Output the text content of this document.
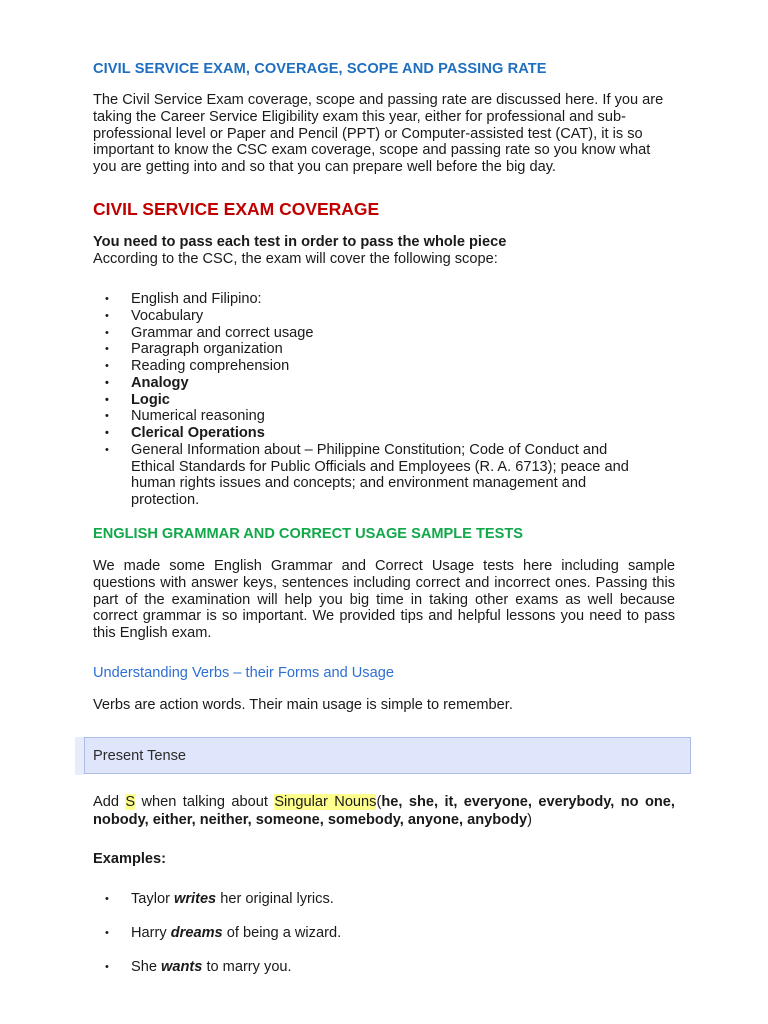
CIVIL SERVICE EXAM, COVERAGE, SCOPE AND PASSING RATE

The Civil Service Exam coverage, scope and passing rate are discussed here. If you are taking the Career Service Eligibility exam this year, either for professional and sub-professional level or Paper and Pencil (PPT) or Computer-assisted test (CAT), it is so important to know the CSC exam coverage, scope and passing rate so you know what you are getting into and so that you can prepare well before the big day.

CIVIL SERVICE EXAM COVERAGE
You need to pass each test in order to pass the whole piece
According to the CSC, the exam will cover the following scope:
• English and Filipino:
• Vocabulary
• Grammar and correct usage
• Paragraph organization
• Reading comprehension
• Analogy
• Logic
• Numerical reasoning
• Clerical Operations
• General Information about – Philippine Constitution; Code of Conduct and Ethical Standards for Public Officials and Employees (R. A. 6713); peace and human rights issues and concepts; and environment management and protection.
ENGLISH GRAMMAR AND CORRECT USAGE SAMPLE TESTS

We made some English Grammar and Correct Usage tests here including sample questions with answer keys, sentences including correct and incorrect ones. Passing this part of the examination will help you big time in taking other exams as well because correct grammar is so important. We provided tips and helpful lessons you need to pass this English exam.

Understanding Verbs – their Forms and Usage
Verbs are action words. Their main usage is simple to remember.
Add S when talking about Singular Nouns(he, she, it, everyone, everybody, no one, nobody, either, neither, someone, somebody, anyone, anybody)
Examples:
• Taylor writes her original lyrics.
• Harry dreams of being a wizard.
• She wants to marry you.
Present Tense
